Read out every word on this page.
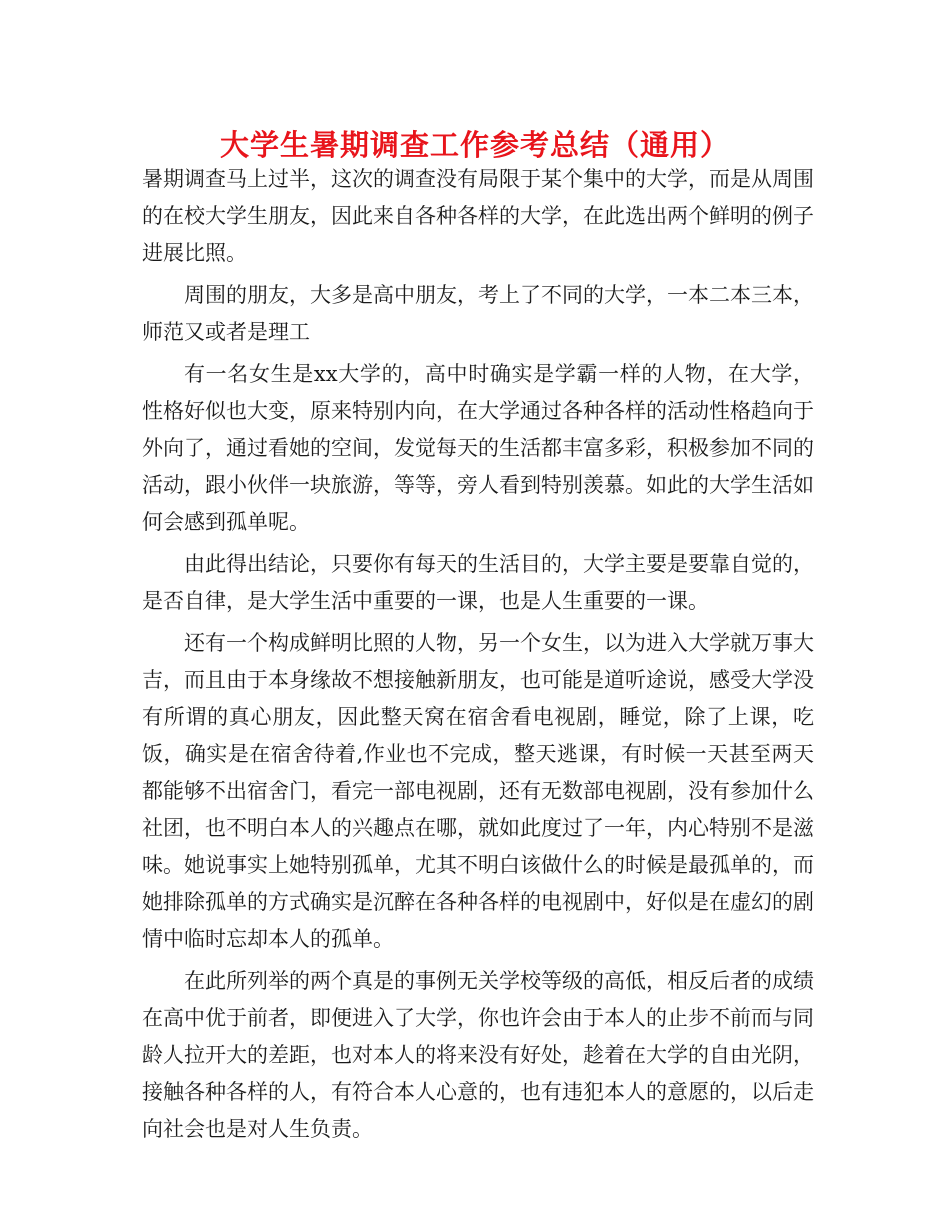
大学生暑期调查工作参考总结（通用）

暑期调查马上过半，这次的调查没有局限于某个集中的大学，而是从周围的在校大学生朋友，因此来自各种各样的大学，在此选出两个鲜明的例子进展比照。

周围的朋友，大多是高中朋友，考上了不同的大学，一本二本三本，师范又或者是理工

有一名女生是xx大学的，高中时确实是学霸一样的人物，在大学，性格好似也大变，原来特别内向，在大学通过各种各样的活动性格趋向于外向了，通过看她的空间，发觉每天的生活都丰富多彩，积极参加不同的活动，跟小伙伴一块旅游，等等，旁人看到特别羡慕。如此的大学生活如何会感到孤单呢。

由此得出结论，只要你有每天的生活目的，大学主要是要靠自觉的，是否自律，是大学生活中重要的一课，也是人生重要的一课。

还有一个构成鲜明比照的人物，另一个女生，以为进入大学就万事大吉，而且由于本身缘故不想接触新朋友，也可能是道听途说，感受大学没有所谓的真心朋友，因此整天窝在宿舍看电视剧，睡觉，除了上课，吃饭，确实是在宿舍待着,作业也不完成，整天逃课，有时候一天甚至两天都能够不出宿舍门，看完一部电视剧，还有无数部电视剧，没有参加什么社团，也不明白本人的兴趣点在哪，就如此度过了一年，内心特别不是滋味。她说事实上她特别孤单，尤其不明白该做什么的时候是最孤单的，而她排除孤单的方式确实是沉醉在各种各样的电视剧中，好似是在虚幻的剧情中临时忘却本人的孤单。

在此所列举的两个真是的事例无关学校等级的高低，相反后者的成绩在高中优于前者，即便进入了大学，你也许会由于本人的止步不前而与同龄人拉开大的差距，也对本人的将来没有好处，趁着在大学的自由光阴，接触各种各样的人，有符合本人心意的，也有违犯本人的意愿的，以后走向社会也是对人生负责。
